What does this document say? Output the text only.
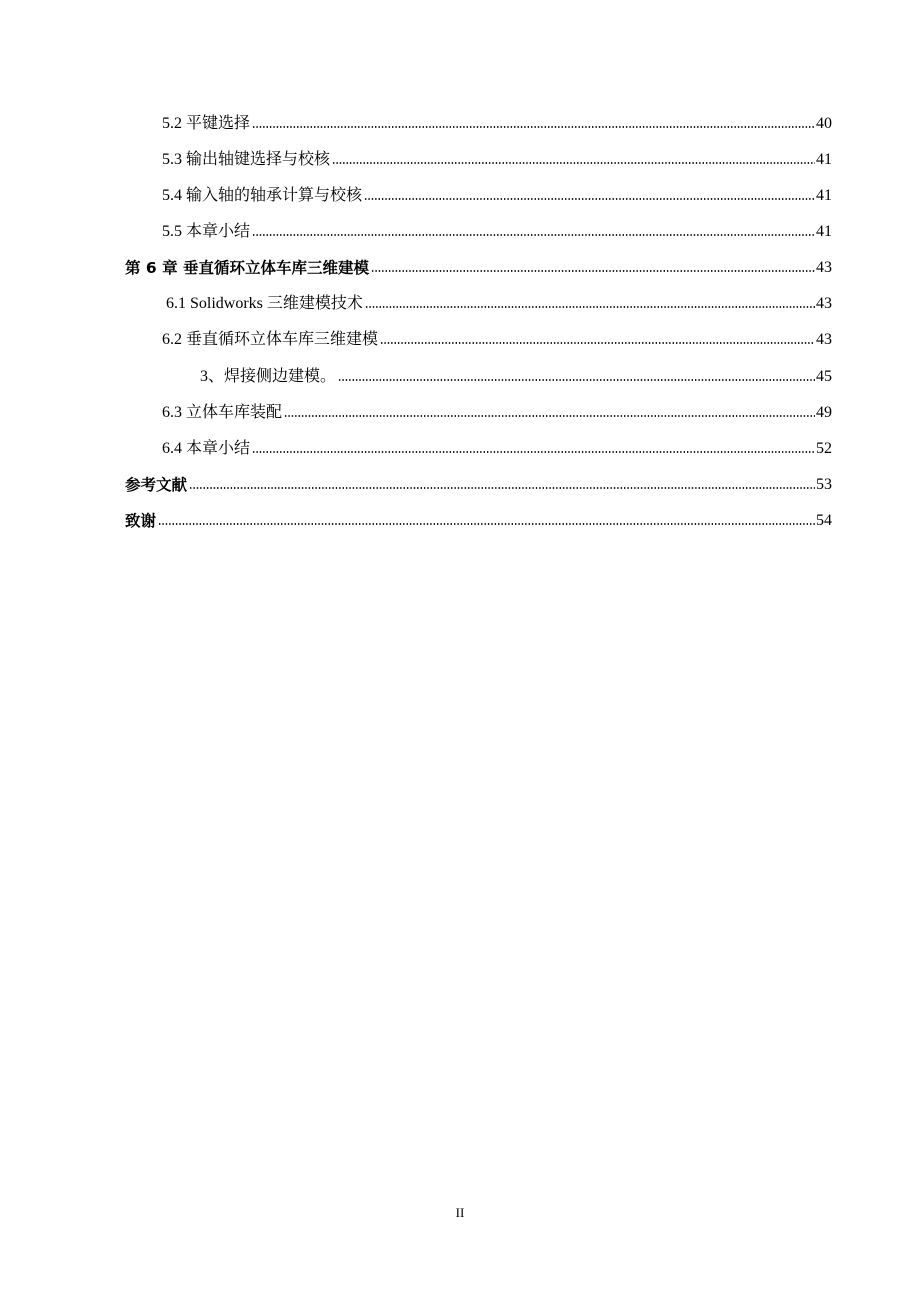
5.2 平键选择	40
5.3 输出轴键选择与校核	41
5.4 输入轴的轴承计算与校核	41
5.5 本章小结	41
第 6 章 垂直循环立体车库三维建模	43
6.1 Solidworks 三维建模技术	43
6.2 垂直循环立体车库三维建模	43
3、焊接侧边建模。	45
6.3 立体车库装配	49
6.4 本章小结	52
参考文献	53
致谢	54
II
